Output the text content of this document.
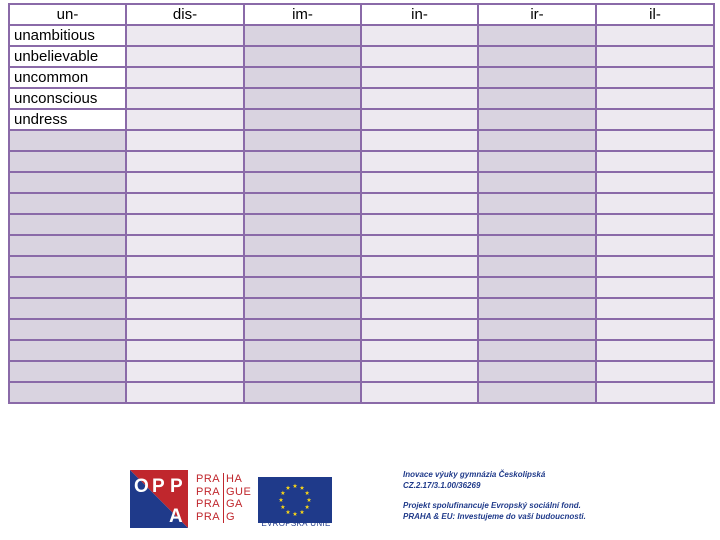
un-	dis-	im-	in-	ir-	il-
unambitious					
unbelievable					
uncommon					
unconscious					
undress					

O P P
A
PRA HA
PRA GUE
PRA GA
PRA G
EVROPSKÁ UNIE
Inovace výuky gymnázia Českolipská
CZ.2.17/3.1.00/36269
Projekt spolufinancuje Evropský sociální fond.
PRAHA & EU: Investujeme do vaší budoucnosti.
